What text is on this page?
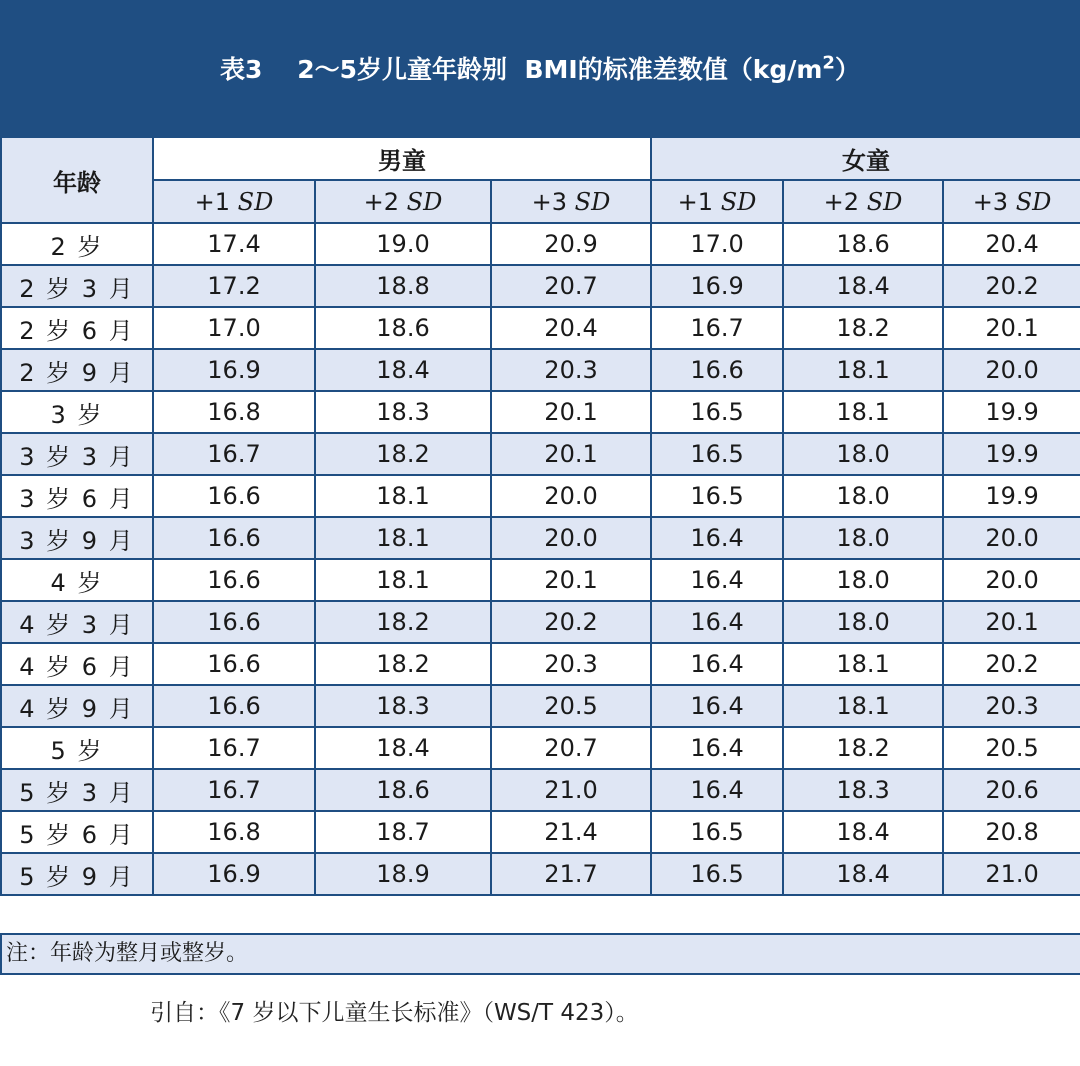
表3    2～5岁儿童年龄别  BMI的标准差数值$(kg/m^2)$
年龄	男童			女童		
	+1 SD	+2 SD	+3 SD	+1 SD	+2 SD	+3 SD
2 岁	17.4	19.0	20.9	17.0	18.6	20.4
2 岁 3 月	17.2	18.8	20.7	16.9	18.4	20.2
2 岁 6 月	17.0	18.6	20.4	16.7	18.2	20.1
2 岁 9 月	16.9	18.4	20.3	16.6	18.1	20.0
3 岁	16.8	18.3	20.1	16.5	18.1	19.9
3 岁 3 月	16.7	18.2	20.1	16.5	18.0	19.9
3 岁 6 月	16.6	18.1	20.0	16.5	18.0	19.9
3 岁 9 月	16.6	18.1	20.0	16.4	18.0	20.0
4 岁	16.6	18.1	20.1	16.4	18.0	20.0
4 岁 3 月	16.6	18.2	20.2	16.4	18.0	20.1
4 岁 6 月	16.6	18.2	20.3	16.4	18.1	20.2
4 岁 9 月	16.6	18.3	20.5	16.4	18.1	20.3
5 岁	16.7	18.4	20.7	16.4	18.2	20.5
5 岁 3 月	16.7	18.6	21.0	16.4	18.3	20.6
5 岁 6 月	16.8	18.7	21.4	16.5	18.4	20.8
5 岁 9 月	16.9	18.9	21.7	16.5	18.4	21.0
注：年龄为整月或整岁。
引自：《7 岁以下儿童生长标准》（WS/T 423）。
